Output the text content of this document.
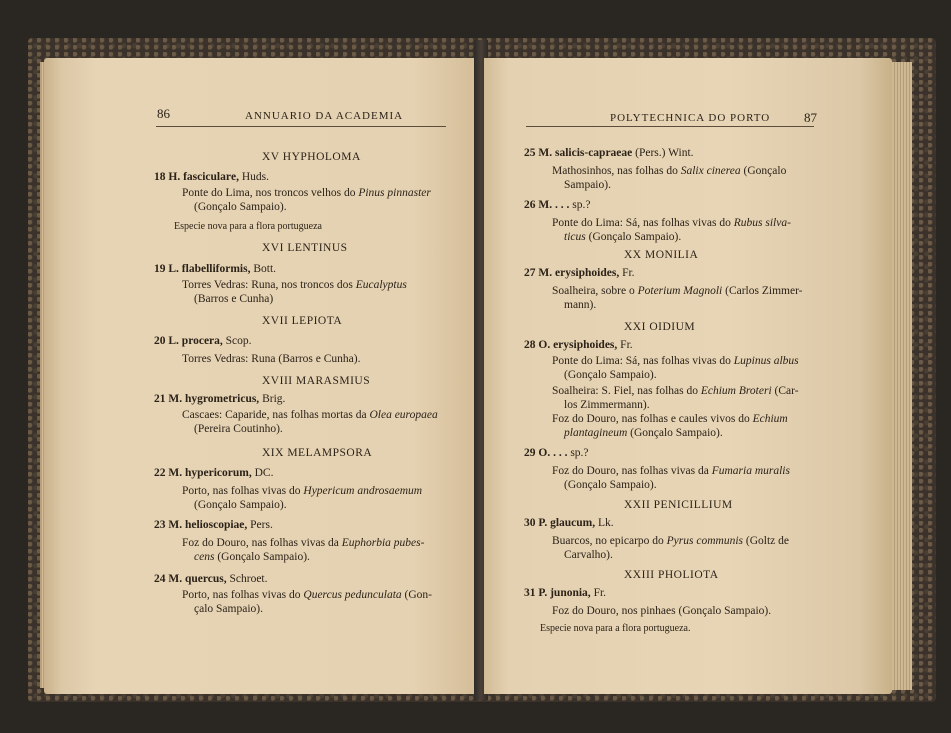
86	ANNUARIO DA ACADEMIA
XV HYPHOLOMA
18 H. fascicularе, Huds.
Ponte do Lima, nos troncos velhos do Pinus pinnaster
(Gonçalo Sampaio).
Especie nova para a flora portugueza
XVI LENTINUS
19 L. flabelliformis, Bott.
Torres Vedras: Runa, nos troncos dos Eucalyptus
(Barros e Cunha)
XVII LEPIOTA
20 L. procera, Scop.
Torres Vedras: Runa (Barros e Cunha).
XVIII MARASMIUS
21 M. hygrometricus, Brig.
Cascaes: Caparide, nas folhas mortas da Olea europaea
(Pereira Coutinho).
XIX MELAMPSORA
22 M. hypericorum, DC.
Porto, nas folhas vivas do Hypericum androsaemum
(Gonçalo Sampaio).
23 M. helioscopiae, Pers.
Foz do Douro, nas folhas vivas da Euphorbia pubes-
cens (Gonçalo Sampaio).
24 M. quercus, Schroet.
Porto, nas folhas vivas do Quercus pedunculata (Gon-
çalo Sampaio).
POLYTECHNICA DO PORTO	87
25 M. salicis-capraeae (Pers.) Wint.
Mathosinhos, nas folhas do Salix cinerea (Gonçalo
Sampaio).
26 M. . . . sp.?
Ponte do Lima: Sá, nas folhas vivas do Rubus silva-
ticus (Gonçalo Sampaio).
XX MONILIA
27 M. erysiphoides, Fr.
Soalheira, sobre o Poterium Magnoli (Carlos Zimmer-
mann).
XXI OIDIUM
28 O. erysiphoides, Fr.
Ponte do Lima: Sá, nas folhas vivas do Lupinus albus
(Gonçalo Sampaio).
Soalheira: S. Fiel, nas folhas do Echium Broteri (Car-
los Zimmermann).
Foz do Douro, nas folhas e caules vivos do Echium
plantagineum (Gonçalo Sampaio).
29 O. . . . sp.?
Foz do Douro, nas folhas vivas da Fumaria muralis
(Gonçalo Sampaio).
XXII PENICILLIUM
30 P. glaucum, Lk.
Buarcos, no epicarpo do Pyrus communis (Goltz de
Carvalho).
XXIII PHOLIOTA
31 P. junonia, Fr.
Foz do Douro, nos pinhaes (Gonçalo Sampaio).
Especie nova para a flora portugueza.
